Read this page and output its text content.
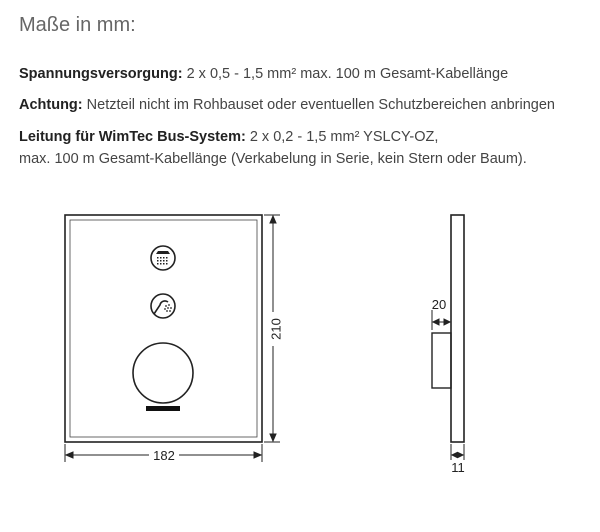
Maße in mm:
Spannungsversorgung: 2 x 0,5 - 1,5 mm² max. 100 m Gesamt-Kabellänge
Achtung: Netzteil nicht im Rohbauset oder eventuellen Schutzbereichen anbringen
Leitung für WimTec Bus-System: 2 x 0,2 - 1,5 mm² YSLCY-OZ,
max. 100 m Gesamt-Kabellänge (Verkabelung in Serie, kein Stern oder Baum).
182
210
20
11
